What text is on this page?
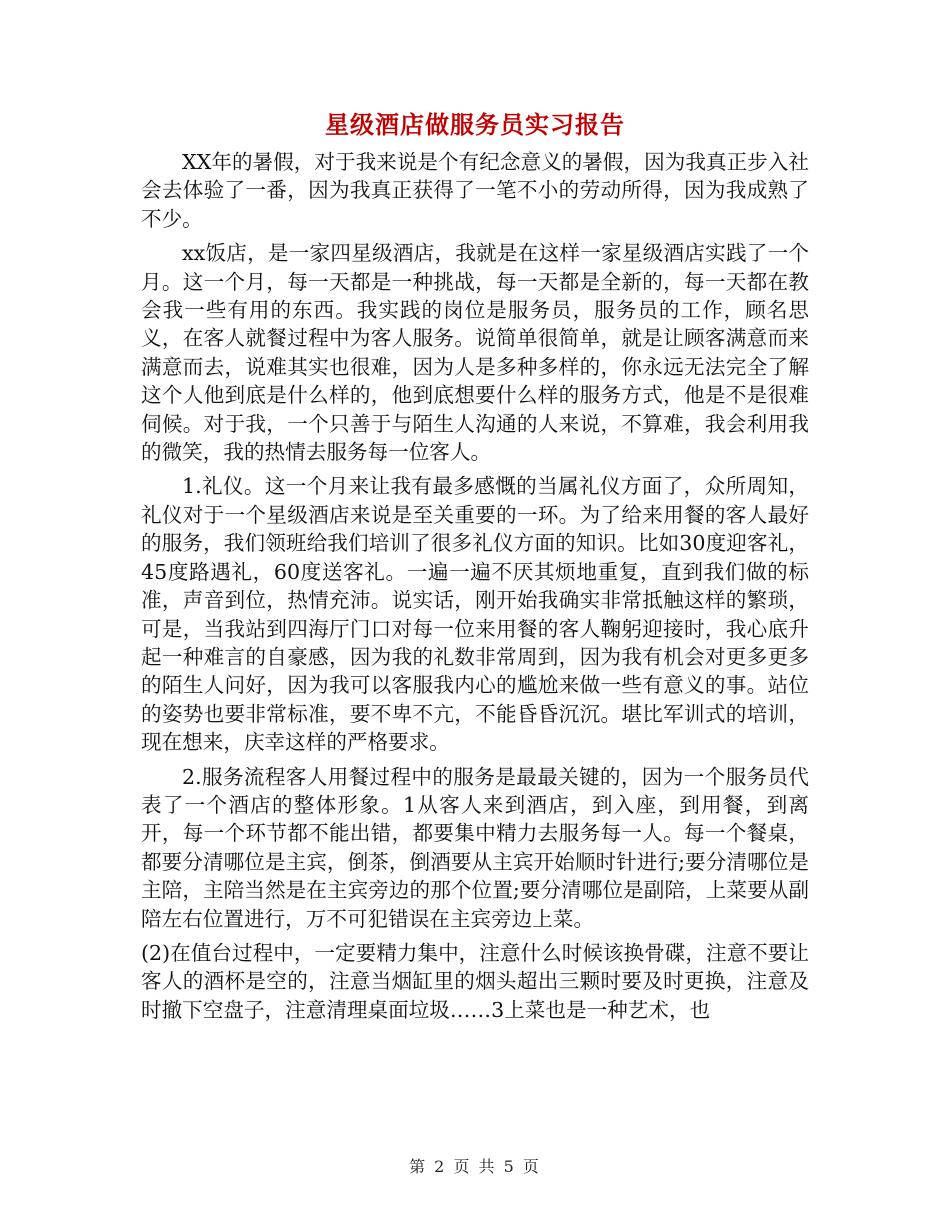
星级酒店做服务员实习报告

XX年的暑假，对于我来说是个有纪念意义的暑假，因为我真正步入社会去体验了一番，因为我真正获得了一笔不小的劳动所得，因为我成熟了不少。

xx饭店，是一家四星级酒店，我就是在这样一家星级酒店实践了一个月。这一个月，每一天都是一种挑战，每一天都是全新的，每一天都在教会我一些有用的东西。我实践的岗位是服务员，服务员的工作，顾名思义，在客人就餐过程中为客人服务。说简单很简单，就是让顾客满意而来满意而去，说难其实也很难，因为人是多种多样的，你永远无法完全了解这个人他到底是什么样的，他到底想要什么样的服务方式，他是不是很难伺候。对于我，一个只善于与陌生人沟通的人来说，不算难，我会利用我的微笑，我的热情去服务每一位客人。

1.礼仪。这一个月来让我有最多感慨的当属礼仪方面了，众所周知，礼仪对于一个星级酒店来说是至关重要的一环。为了给来用餐的客人最好的服务，我们领班给我们培训了很多礼仪方面的知识。比如30度迎客礼，45度路遇礼，60度送客礼。一遍一遍不厌其烦地重复，直到我们做的标准，声音到位，热情充沛。说实话，刚开始我确实非常抵触这样的繁琐，可是，当我站到四海厅门口对每一位来用餐的客人鞠躬迎接时，我心底升起一种难言的自豪感，因为我的礼数非常周到，因为我有机会对更多更多的陌生人问好，因为我可以客服我内心的尴尬来做一些有意义的事。站位的姿势也要非常标准，要不卑不亢，不能昏昏沉沉。堪比军训式的培训，现在想来，庆幸这样的严格要求。

2.服务流程客人用餐过程中的服务是最最关键的，因为一个服务员代表了一个酒店的整体形象。1从客人来到酒店，到入座，到用餐，到离开，每一个环节都不能出错，都要集中精力去服务每一人。每一个餐桌，都要分清哪位是主宾，倒茶，倒酒要从主宾开始顺时针进行;要分清哪位是主陪，主陪当然是在主宾旁边的那个位置;要分清哪位是副陪，上菜要从副陪左右位置进行，万不可犯错误在主宾旁边上菜。

(2)在值台过程中，一定要精力集中，注意什么时候该换骨碟，注意不要让客人的酒杯是空的，注意当烟缸里的烟头超出三颗时要及时更换，注意及时撤下空盘子，注意清理桌面垃圾……3上菜也是一种艺术，也

第 2 页 共 5 页
